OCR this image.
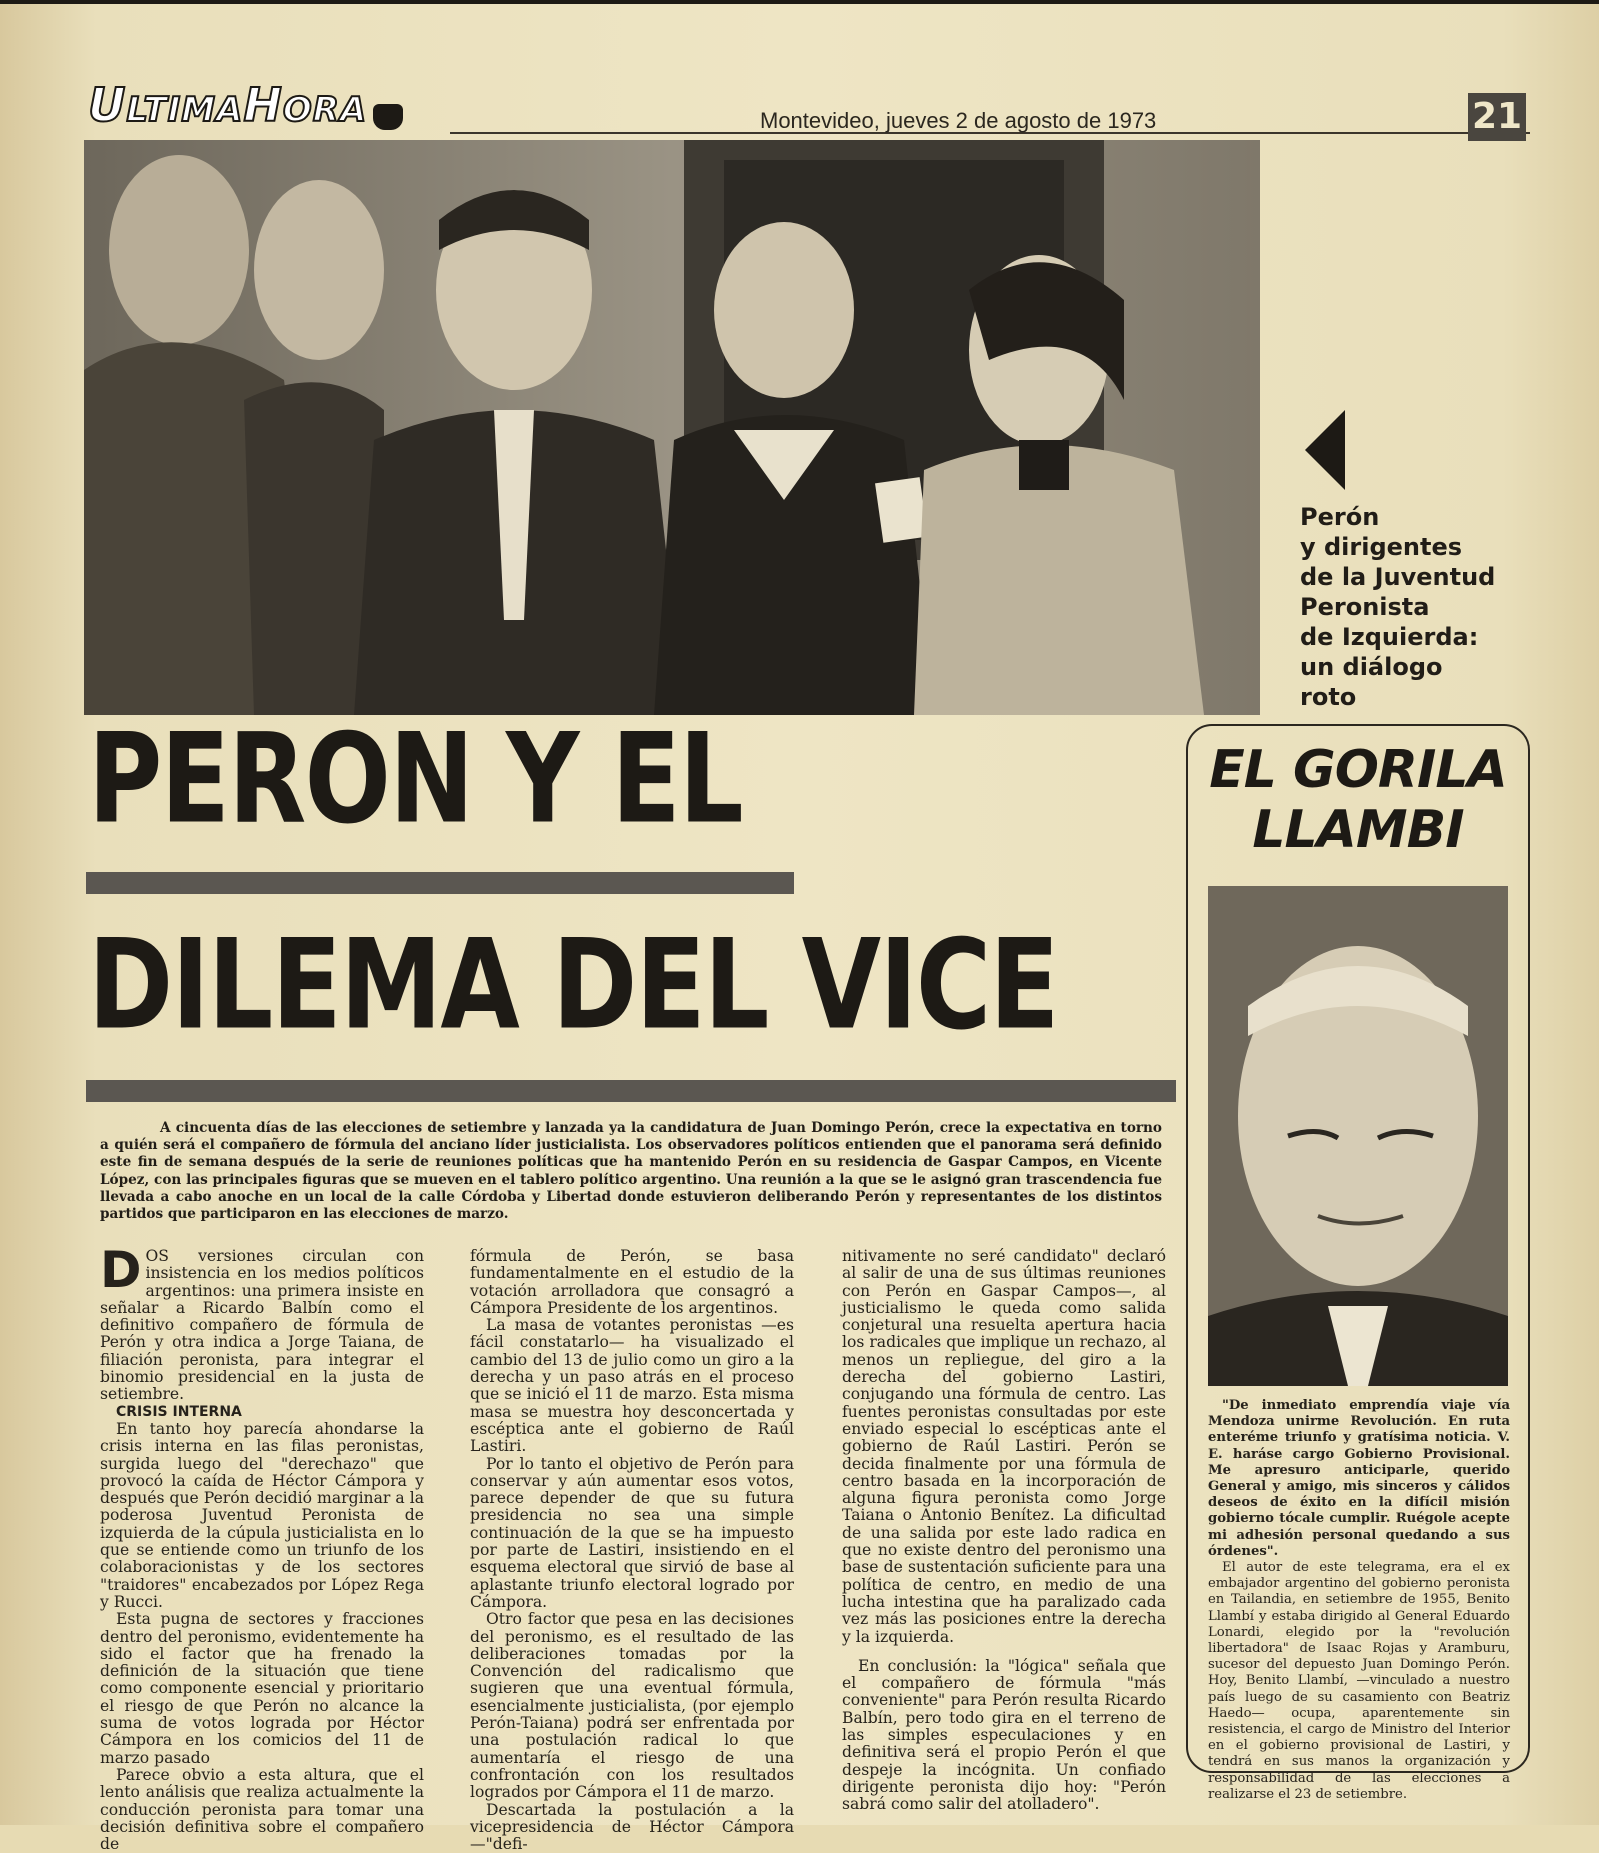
ULTIMAHORA	Montevideo, jueves 2 de agosto de 1973	21
Perón
y dirigentes
de la Juventud
Peronista
de Izquierda:
un diálogo
roto
PERON Y EL
DILEMA DEL VICE
EL GORILA
LLAMBI

"De inmediato emprendía viaje vía Mendoza unirme Revolución. En ruta enteréme triunfo y gratísima noticia. V. E. haráse cargo Gobierno Provisional. Me apresuro anticiparle, querido General y amigo, mis sinceros y cálidos deseos de éxito en la difícil misión gobierno tócale cumplir. Ruégole acepte mi adhesión personal quedando a sus órdenes".

El autor de este telegrama, era el ex embajador argentino del gobierno peronista en Tailandia, en setiembre de 1955, Benito Llambí y estaba dirigido al General Eduardo Lonardi, elegido por la "revolución libertadora" de Isaac Rojas y Aramburu, sucesor del depuesto Juan Domingo Perón. Hoy, Benito Llambí, —vinculado a nuestro país luego de su casamiento con Beatriz Haedo— ocupa, aparentemente sin resistencia, el cargo de Ministro del Interior en el gobierno provisional de Lastiri, y tendrá en sus manos la organización y responsabilidad de las elecciones a realizarse el 23 de setiembre.

A cincuenta días de las elecciones de setiembre y lanzada ya la candidatura de Juan Domingo Perón, crece la expectativa en torno a quién será el compañero de fórmula del anciano líder justicialista. Los observadores políticos entienden que el panorama será definido este fin de semana después de la serie de reuniones políticas que ha mantenido Perón en su residencia de Gaspar Campos, en Vicente López, con las principales figuras que se mueven en el tablero político argentino. Una reunión a la que se le asignó gran trascendencia fue llevada a cabo anoche en un local de la calle Córdoba y Libertad donde estuvieron deliberando Perón y representantes de los distintos partidos que participaron en las elecciones de marzo.

DOS versiones circulan con insistencia en los medios políticos argentinos: una primera insiste en señalar a Ricardo Balbín como el definitivo compañero de fórmula de Perón y otra indica a Jorge Taiana, de filiación peronista, para integrar el binomio presidencial en la justa de setiembre.

CRISIS INTERNA

En tanto hoy parecía ahondarse la crisis interna en las filas peronistas, surgida luego del "derechazo" que provocó la caída de Héctor Cámpora y después que Perón decidió marginar a la poderosa Juventud Peronista de izquierda de la cúpula justicialista en lo que se entiende como un triunfo de los colaboracionistas y de los sectores "traidores" encabezados por López Rega y Rucci.

Esta pugna de sectores y fracciones dentro del peronismo, evidentemente ha sido el factor que ha frenado la definición de la situación que tiene como componente esencial y prioritario el riesgo de que Perón no alcance la suma de votos lograda por Héctor Cámpora en los comicios del 11 de marzo pasado

Parece obvio a esta altura, que el lento análisis que realiza actualmente la conducción peronista para tomar una decisión definitiva sobre el compañero de

fórmula de Perón, se basa fundamentalmente en el estudio de la votación arrolladora que consagró a Cámpora Presidente de los argentinos.

La masa de votantes peronistas —es fácil constatarlo— ha visualizado el cambio del 13 de julio como un giro a la derecha y un paso atrás en el proceso que se inició el 11 de marzo. Esta misma masa se muestra hoy desconcertada y escéptica ante el gobierno de Raúl Lastiri.

Por lo tanto el objetivo de Perón para conservar y aún aumentar esos votos, parece depender de que su futura presidencia no sea una simple continuación de la que se ha impuesto por parte de Lastiri, insistiendo en el esquema electoral que sirvió de base al aplastante triunfo electoral logrado por Cámpora.

Otro factor que pesa en las decisiones del peronismo, es el resultado de las deliberaciones tomadas por la Convención del radicalismo que sugieren que una eventual fórmula, esencialmente justicialista, (por ejemplo Perón-Taiana) podrá ser enfrentada por una postulación radical lo que aumentaría el riesgo de una confrontación con los resultados logrados por Cámpora el 11 de marzo.

Descartada la postulación a la vicepresidencia de Héctor Cámpora —"defi-

nitivamente no seré candidato" declaró al salir de una de sus últimas reuniones con Perón en Gaspar Campos—, al justicialismo le queda como salida conjetural una resuelta apertura hacia los radicales que implique un rechazo, al menos un repliegue, del giro a la derecha del gobierno Lastiri, conjugando una fórmula de centro. Las fuentes peronistas consultadas por este enviado especial lo escépticas ante el gobierno de Raúl Lastiri. Perón se decida finalmente por una fórmula de centro basada en la incorporación de alguna figura peronista como Jorge Taiana o Antonio Benítez. La dificultad de una salida por este lado radica en que no existe dentro del peronismo una base de sustentación suficiente para una política de centro, en medio de una lucha intestina que ha paralizado cada vez más las posiciones entre la derecha y la izquierda.

En conclusión: la "lógica" señala que el compañero de fórmula "más conveniente" para Perón resulta Ricardo Balbín, pero todo gira en el terreno de las simples especulaciones y en definitiva será el propio Perón el que despeje la incógnita. Un confiado dirigente peronista dijo hoy: "Perón sabrá como salir del atolladero".
